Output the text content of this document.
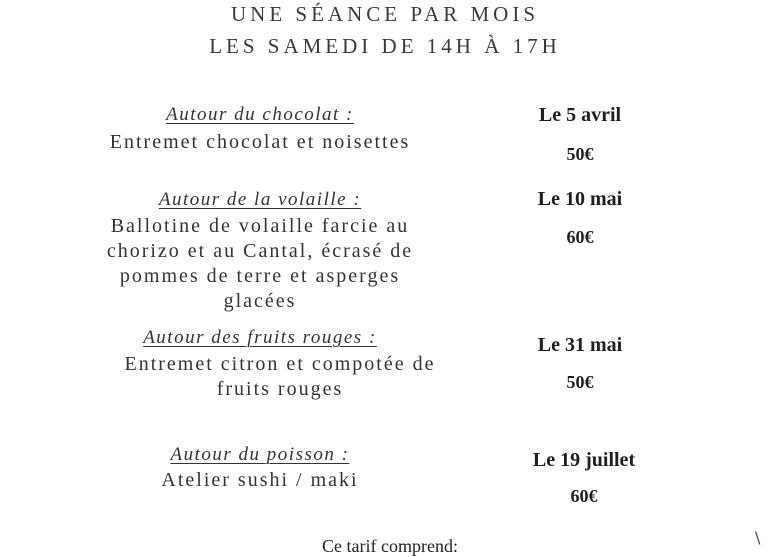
UNE SÉANCE PAR MOIS
LES SAMEDI DE 14H À 17H
Autour du chocolat :
Entremet chocolat et noisettes
Le 5 avril
50€
Autour de la volaille :
Ballotine de volaille farcie au
chorizo et au Cantal, écrasé de
pommes de terre et asperges
glacées
Le 10 mai
60€
Autour des fruits rouges :
Entremet citron et compotée de
fruits rouges
Le 31 mai
50€
Autour du poisson :
Atelier sushi / maki
Le 19 juillet
60€
Ce tarif comprend:	\
